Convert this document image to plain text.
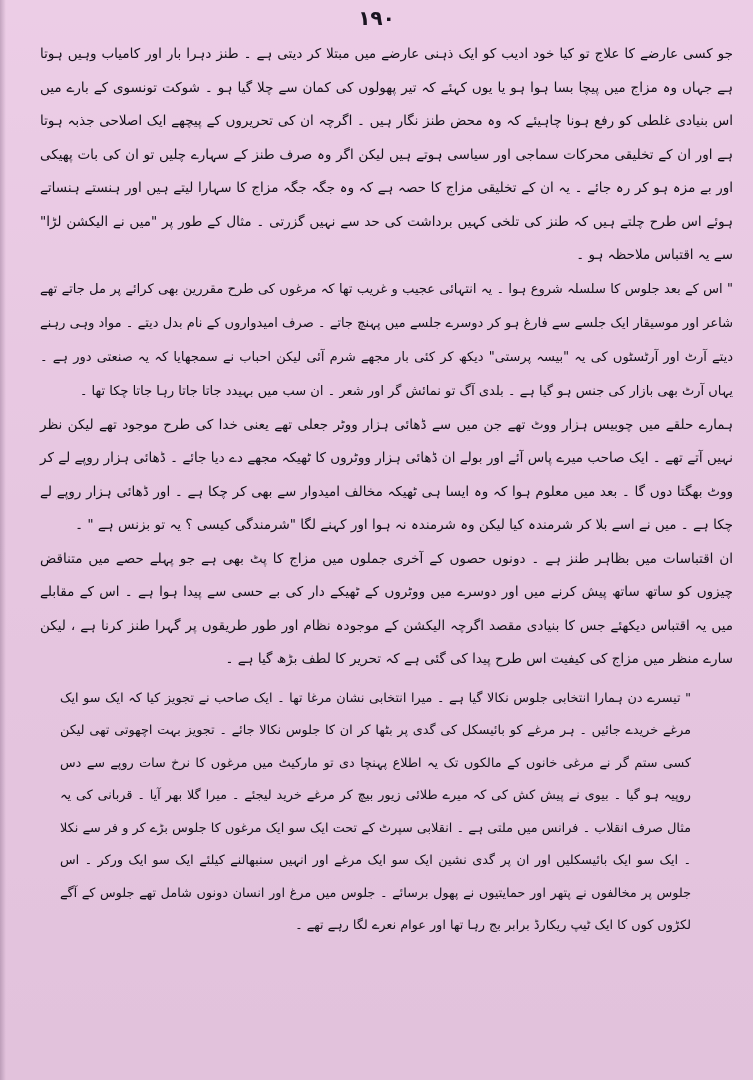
۱۹۰

جو کسی عارضے کا علاج تو کیا خود ادیب کو ایک ذہنی عارضے میں مبتلا کر دیتی ہے ۔ طنز دہرا بار اور کامیاب وہیں ہوتا ہے جہاں وہ مزاج میں پیچا بسا ہوا ہو یا یوں کہئے کہ تیر پھولوں کی کمان سے چلا گیا ہو ۔ شوکت تونسوی کے بارے میں اس بنیادی غلطی کو رفع ہونا چاہیئے کہ وہ محض طنز نگار ہیں ۔ اگرچہ ان کی تحریروں کے پیچھے ایک اصلاحی جذبہ ہوتا ہے اور ان کے تخلیقی محرکات سماجی اور سیاسی ہوتے ہیں لیکن اگر وہ صرف طنز کے سہارے چلیں تو ان کی بات پھیکی اور بے مزہ ہو کر رہ جائے ۔ یہ ان کے تخلیقی مزاج کا حصہ ہے کہ وہ جگہ جگہ مزاج کا سہارا لیتے ہیں اور ہنستے ہنساتے ہوئے اس طرح چلتے ہیں کہ طنز کی تلخی کہیں برداشت کی حد سے نہیں گزرتی ۔ مثال کے طور پر "میں نے الیکشن لڑا" سے یہ اقتباس ملاحظہ ہو ۔

" اس کے بعد جلوس کا سلسلہ شروع ہوا ۔ یہ انتہائی عجیب و غریب تھا کہ مرغوں کی طرح مقررین بھی کرائے پر مل جاتے تھے شاعر اور موسیقار ایک جلسے سے فارغ ہو کر دوسرے جلسے میں پہنچ جاتے ۔ صرف امیدواروں کے نام بدل دیتے ۔ مواد وہی رہنے دیتے آرٹ اور آرٹسٹوں کی یہ "بیسہ پرستی" دیکھ کر کئی بار مجھے شرم آئی لیکن احباب نے سمجھایا کہ یہ صنعتی دور ہے ۔ یہاں آرٹ بھی بازار کی جنس ہو گیا ہے ۔ بلدی آگ تو نمائش گر اور شعر ۔ ان سب میں بہیدد جاتا جاتا رہا جاتا چکا تھا ۔

ہمارے حلقے میں چوبیس ہزار ووٹ تھے جن میں سے ڈھائی ہزار ووٹر جعلی تھے یعنی خدا کی طرح موجود تھے لیکن نظر نہیں آتے تھے ۔ ایک صاحب میرے پاس آئے اور بولے ان ڈھائی ہزار ووٹروں کا ٹھیکہ مجھے دے دیا جائے ۔ ڈھائی ہزار روپے لے کر ووٹ بھگتا دوں گا ۔ بعد میں معلوم ہوا کہ وہ ایسا ہی ٹھیکہ مخالف امیدوار سے بھی کر چکا ہے ۔ اور ڈھائی ہزار روپے لے چکا ہے ۔ میں نے اسے بلا کر شرمندہ کیا لیکن وہ شرمندہ نہ ہوا اور کہنے لگا "شرمندگی کیسی ؟ یہ تو بزنس ہے " ۔

ان اقتباسات میں بظاہر طنز ہے ۔ دونوں حصوں کے آخری جملوں میں مزاج کا پٹ بھی ہے جو پہلے حصے میں متناقض چیزوں کو ساتھ ساتھ پیش کرنے میں اور دوسرے میں ووٹروں کے ٹھیکے دار کی بے حسی سے پیدا ہوا ہے ۔ اس کے مقابلے میں یہ اقتباس دیکھئے جس کا بنیادی مقصد اگرچہ الیکشن کے موجودہ نظام اور طور طریقوں پر گہرا طنز کرنا ہے ، لیکن سارے منظر میں مزاج کی کیفیت اس طرح پیدا کی گئی ہے کہ تحریر کا لطف بڑھ گیا ہے ۔

" تیسرے دن ہمارا انتخابی جلوس نکالا گیا ہے ۔ میرا انتخابی نشان مرغا تھا ۔ ایک صاحب نے تجویز کیا کہ ایک سو ایک مرغے خریدے جائیں ۔ ہر مرغے کو بائیسکل کی گدی پر بٹھا کر ان کا جلوس نکالا جائے ۔ تجویز بہت اچھوتی تھی لیکن کسی ستم گر نے مرغی خانوں کے مالکوں تک یہ اطلاع پہنچا دی تو مارکیٹ میں مرغوں کا نرخ سات روپے سے دس روپیہ ہو گیا ۔ بیوی نے پیش کش کی کہ میرے طلائی زیور بیچ کر مرغے خرید لیجئے ۔ میرا گلا بھر آیا ۔ قربانی کی یہ مثال صرف انقلاب ۔ فرانس میں ملتی ہے ۔ انقلابی سپرٹ کے تحت ایک سو ایک مرغوں کا جلوس بڑے کر و فر سے نکلا ۔ ایک سو ایک بائیسکلیں اور ان پر گدی نشین ایک سو ایک مرغے اور انہیں سنبھالنے کیلئے ایک سو ایک ورکر ۔ اس جلوس پر مخالفوں نے پتھر اور حمایتیوں نے پھول برسائے ۔ جلوس میں مرغ اور انسان دونوں شامل تھے جلوس کے آگے لکڑوں کوں کا ایک ٹیپ ریکارڈ برابر بج رہا تھا اور عوام نعرے لگا رہے تھے ۔
